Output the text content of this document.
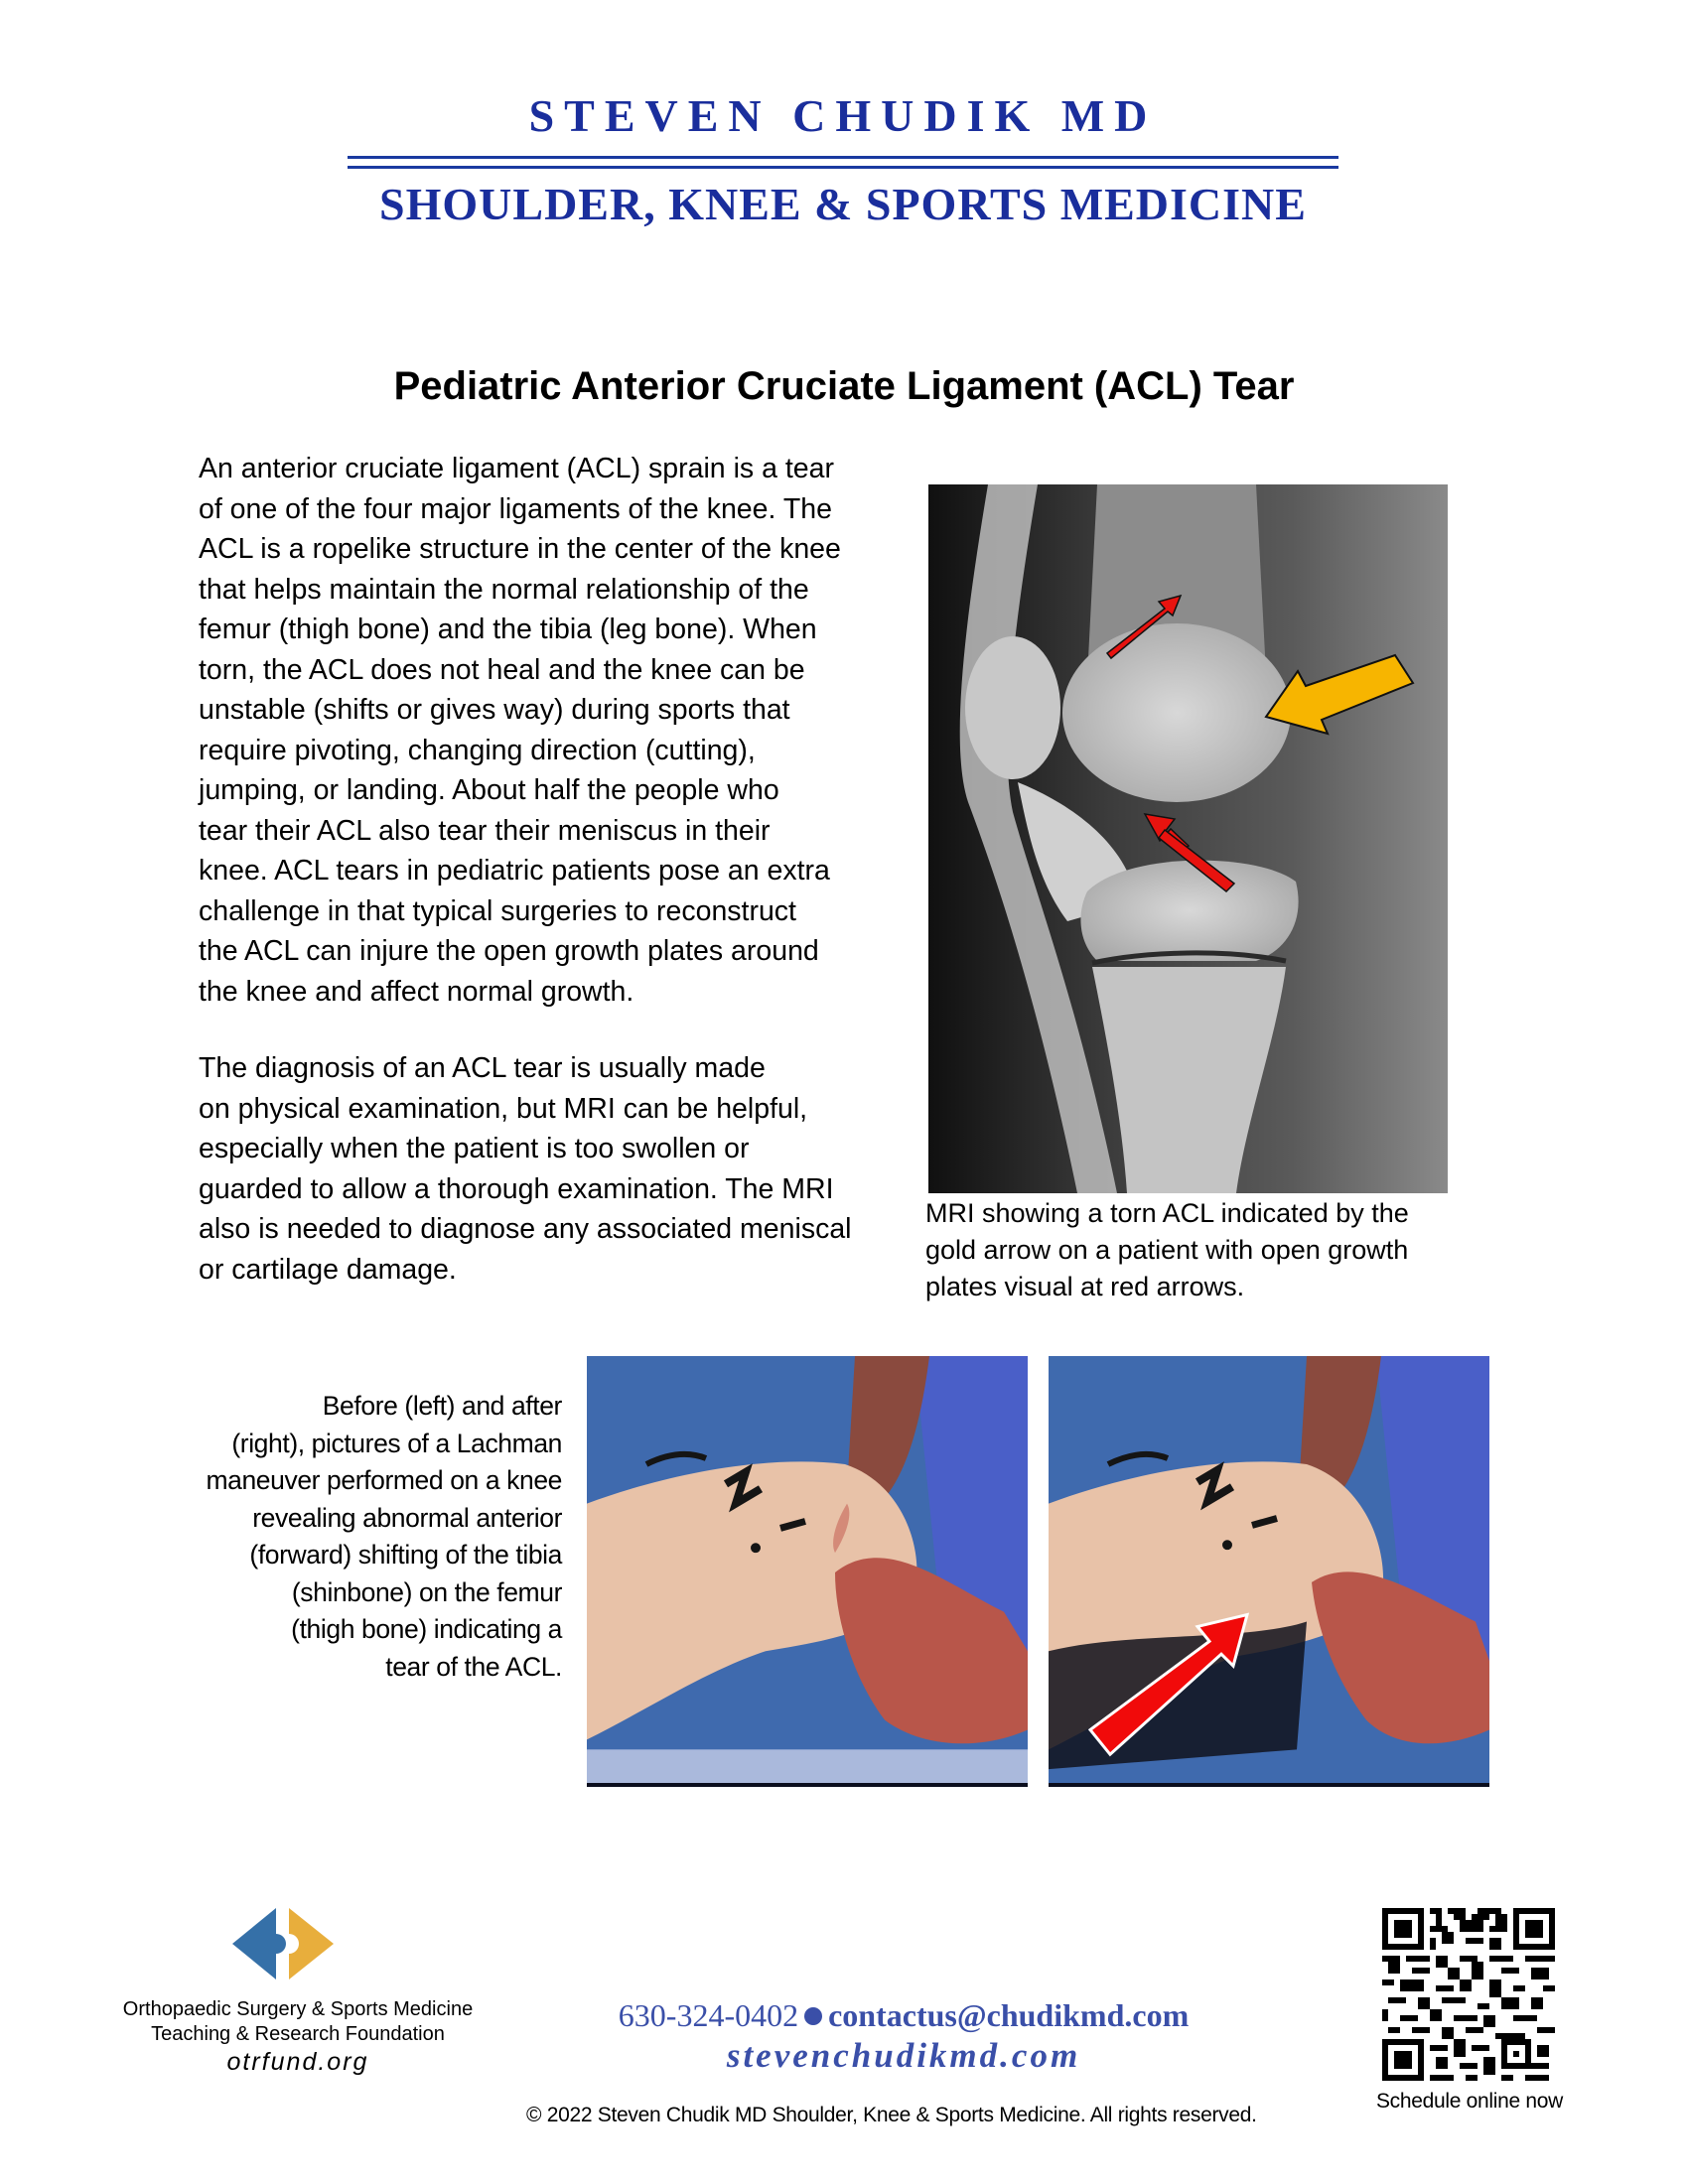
STEVEN CHUDIK MD
SHOULDER, KNEE & SPORTS MEDICINE
Pediatric Anterior Cruciate Ligament (ACL) Tear
An anterior cruciate ligament (ACL) sprain is a tear
of one of the four major ligaments of the knee. The
ACL is a ropelike structure in the center of the knee
that helps maintain the normal relationship of the
femur (thigh bone) and the tibia (leg bone). When
torn, the ACL does not heal and the knee can be
unstable (shifts or gives way) during sports that
require pivoting, changing direction (cutting),
jumping, or landing. About half the people who
tear their ACL also tear their meniscus in their
knee. ACL tears in pediatric patients pose an extra
challenge in that typical surgeries to reconstruct
the ACL can injure the open growth plates around
the knee and affect normal growth.
The diagnosis of an ACL tear is usually made
on physical examination, but MRI can be helpful,
especially when the patient is too swollen or
guarded to allow a thorough examination. The MRI
also is needed to diagnose any associated meniscal
or cartilage damage.
MRI showing a torn ACL indicated by the
gold arrow on a patient with open growth
plates visual at red arrows.
Before (left) and after
(right), pictures of a Lachman
maneuver performed on a knee
revealing abnormal anterior
(forward) shifting of the tibia
(shinbone) on the femur
(thigh bone) indicating a
tear of the ACL.
Orthopaedic Surgery & Sports Medicine
Teaching & Research Foundation
otrfund.org
630-324-0402 contactus@chudikmd.com
stevenchudikmd.com
© 2022 Steven Chudik MD Shoulder, Knee & Sports Medicine. All rights reserved.
Schedule online now
